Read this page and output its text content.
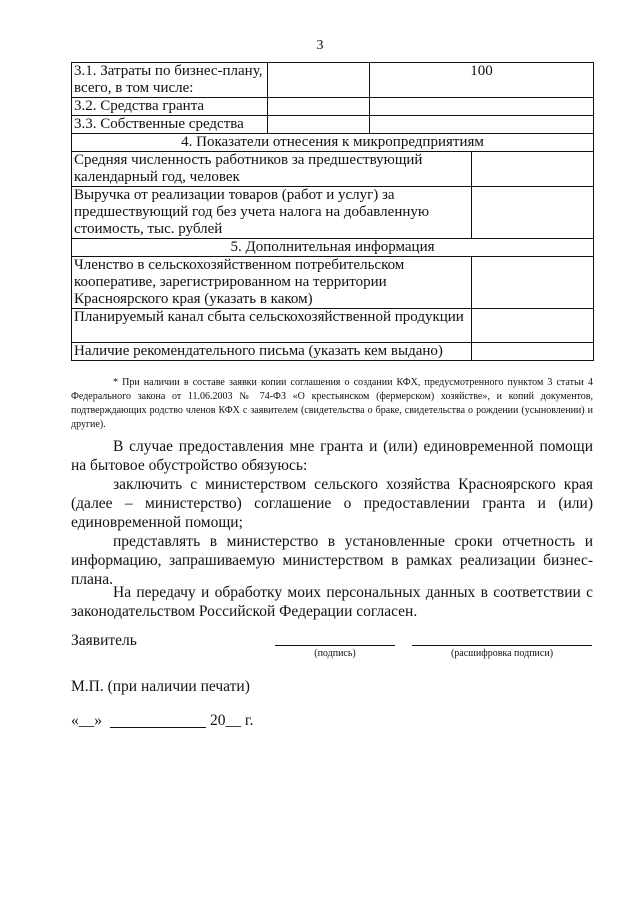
3
3.1. Затраты по бизнес-плану, всего, в том числе:		100	
3.2. Средства гранта			
3.3. Собственные средства			
4. Показатели отнесения к микропредприятиям			
Средняя численность работников за предшествующий календарный год, человек			
Выручка от реализации товаров (работ и услуг) за предшествующий год без учета налога на добавленную стоимость, тыс. рублей			
5. Дополнительная информация			
Членство в сельскохозяйственном потребительском кооперативе, зарегистрированном на территории Красноярского края (указать в каком)			
Планируемый канал сбыта сельскохозяйственной продукции			
Наличие рекомендательного письма (указать кем выдано)			
* При наличии в составе заявки копии соглашения о создании КФХ, предусмотренного пунктом 3 статьи 4 Федерального закона от 11.06.2003 № 74-ФЗ «О крестьянском (фермерском) хозяйстве», и копий документов, подтверждающих родство членов КФХ с заявителем (свидетельства о браке, свидетельства о рождении (усыновлении) и другие).
В случае предоставления мне гранта и (или) единовременной помощи на бытовое обустройство обязуюсь:
заключить с министерством сельского хозяйства Красноярского края (далее – министерство) соглашение о предоставлении гранта и (или) единовременной помощи;
представлять в министерство в установленные сроки отчетность и информацию, запрашиваемую министерством в рамках реализации бизнес-плана.
На передачу и обработку моих персональных данных в соответствии с законодательством Российской Федерации согласен.
Заявитель
(подпись)	(расшифровка подписи)
М.П. (при наличии печати)
«__»	20__ г.
